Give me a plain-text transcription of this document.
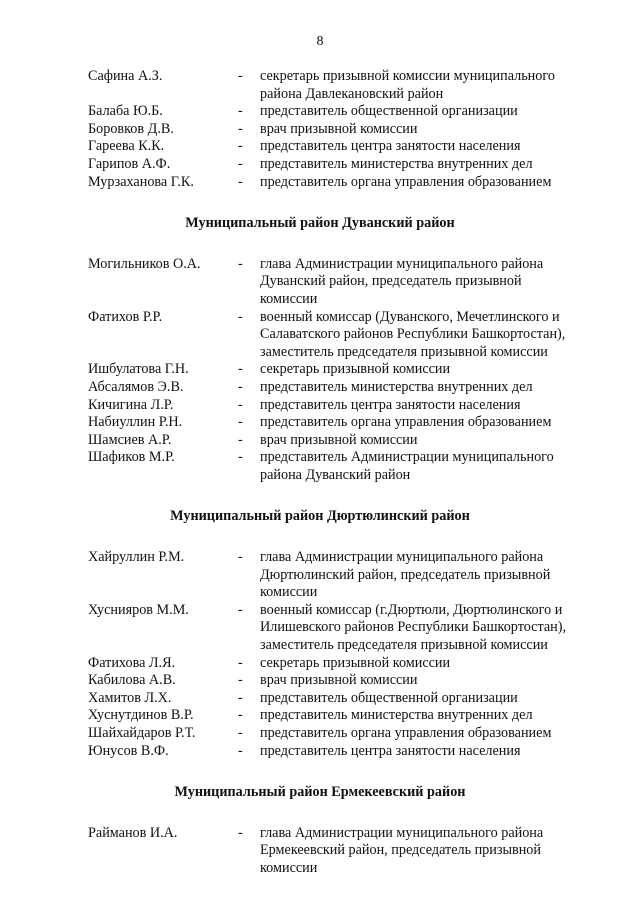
8
Сафина А.З.	-	секретарь призывной комиссии муниципального
района Давлекановский район
Балаба Ю.Б.	-	представитель общественной организации
Боровков Д.В.	-	врач призывной комиссии
Гареева К.К.	-	представитель центра занятости населения
Гарипов А.Ф.	-	представитель министерства внутренних дел
Мурзаханова Г.К.	-	представитель органа управления образованием
Муниципальный район Дуванский район
Могильников О.А.	-	глава Администрации муниципального района
Дуванский район, председатель призывной
комиссии
Фатихов Р.Р.	-	военный комиссар (Дуванского, Мечетлинского и
Салаватского районов Республики Башкортостан),
заместитель председателя призывной комиссии
Ишбулатова Г.Н.	-	секретарь призывной комиссии
Абсалямов Э.В.	-	представитель министерства внутренних дел
Кичигина Л.Р.	-	представитель центра занятости населения
Набиуллин Р.Н.	-	представитель органа управления образованием
Шамсиев А.Р.	-	врач призывной комиссии
Шафиков М.Р.	-	представитель Администрации муниципального
района Дуванский район
Муниципальный район Дюртюлинский район
Хайруллин Р.М.	-	глава Администрации муниципального района
Дюртюлинский район, председатель призывной
комиссии
Хуснияров М.М.	-	военный комиссар (г.Дюртюли, Дюртюлинского и
Илишевского районов Республики Башкортостан),
заместитель председателя призывной комиссии
Фатихова Л.Я.	-	секретарь призывной комиссии
Кабилова А.В.	-	врач призывной комиссии
Хамитов Л.Х.	-	представитель общественной организации
Хуснутдинов В.Р.	-	представитель министерства внутренних дел
Шайхайдаров Р.Т.	-	представитель органа управления образованием
Юнусов В.Ф.	-	представитель центра занятости населения
Муниципальный район Ермекеевский район
Райманов И.А.	-	глава Администрации муниципального района
Ермекеевский район, председатель призывной
комиссии
